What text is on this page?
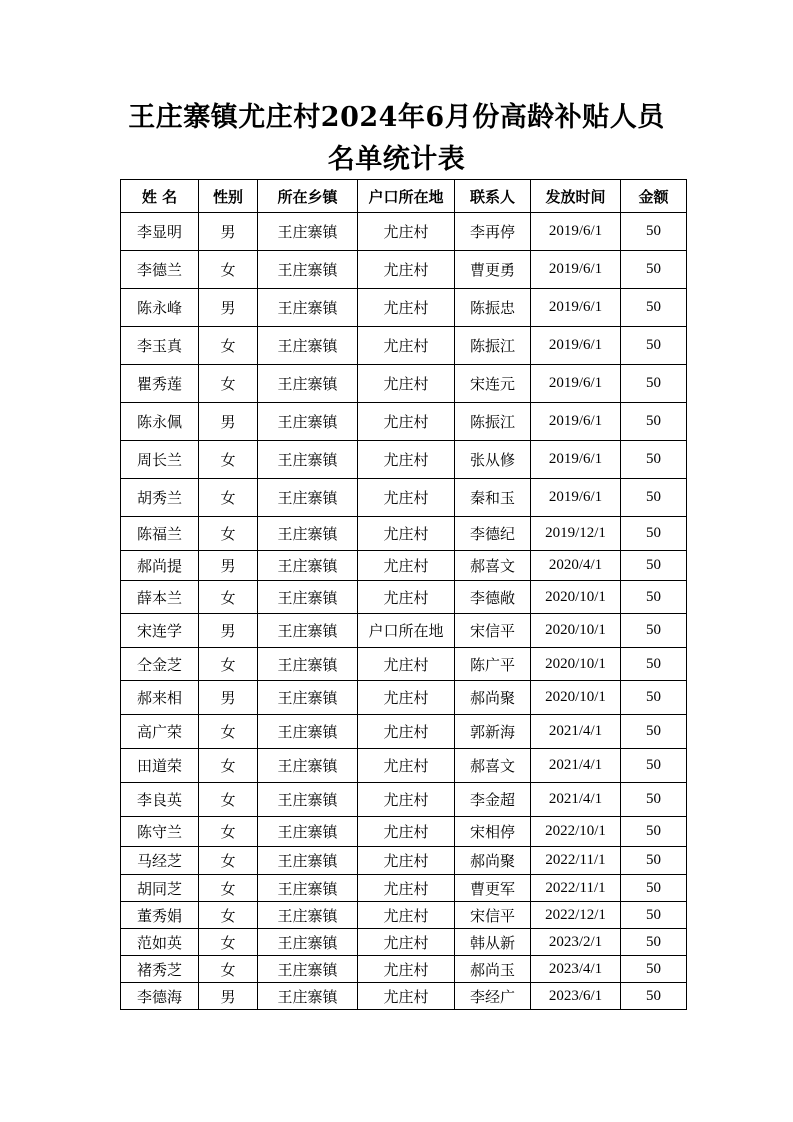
王庄寨镇尤庄村2024年6月份高龄补贴人员
名单统计表
姓 名	性别	所在乡镇	户口所在地	联系人	发放时间	金额
李显明	男	王庄寨镇	尤庄村	李再停	2019/6/1	50
李德兰	女	王庄寨镇	尤庄村	曹更勇	2019/6/1	50
陈永峰	男	王庄寨镇	尤庄村	陈振忠	2019/6/1	50
李玉真	女	王庄寨镇	尤庄村	陈振江	2019/6/1	50
瞿秀莲	女	王庄寨镇	尤庄村	宋连元	2019/6/1	50
陈永佩	男	王庄寨镇	尤庄村	陈振江	2019/6/1	50
周长兰	女	王庄寨镇	尤庄村	张从修	2019/6/1	50
胡秀兰	女	王庄寨镇	尤庄村	秦和玉	2019/6/1	50
陈福兰	女	王庄寨镇	尤庄村	李德纪	2019/12/1	50
郝尚提	男	王庄寨镇	尤庄村	郝喜文	2020/4/1	50
薛本兰	女	王庄寨镇	尤庄村	李德敞	2020/10/1	50
宋连学	男	王庄寨镇	户口所在地	宋信平	2020/10/1	50
仝金芝	女	王庄寨镇	尤庄村	陈广平	2020/10/1	50
郝来相	男	王庄寨镇	尤庄村	郝尚聚	2020/10/1	50
高广荣	女	王庄寨镇	尤庄村	郭新海	2021/4/1	50
田道荣	女	王庄寨镇	尤庄村	郝喜文	2021/4/1	50
李良英	女	王庄寨镇	尤庄村	李金超	2021/4/1	50
陈守兰	女	王庄寨镇	尤庄村	宋相停	2022/10/1	50
马经芝	女	王庄寨镇	尤庄村	郝尚聚	2022/11/1	50
胡同芝	女	王庄寨镇	尤庄村	曹更军	2022/11/1	50
董秀娟	女	王庄寨镇	尤庄村	宋信平	2022/12/1	50
范如英	女	王庄寨镇	尤庄村	韩从新	2023/2/1	50
褚秀芝	女	王庄寨镇	尤庄村	郝尚玉	2023/4/1	50
李德海	男	王庄寨镇	尤庄村	李经广	2023/6/1	50
